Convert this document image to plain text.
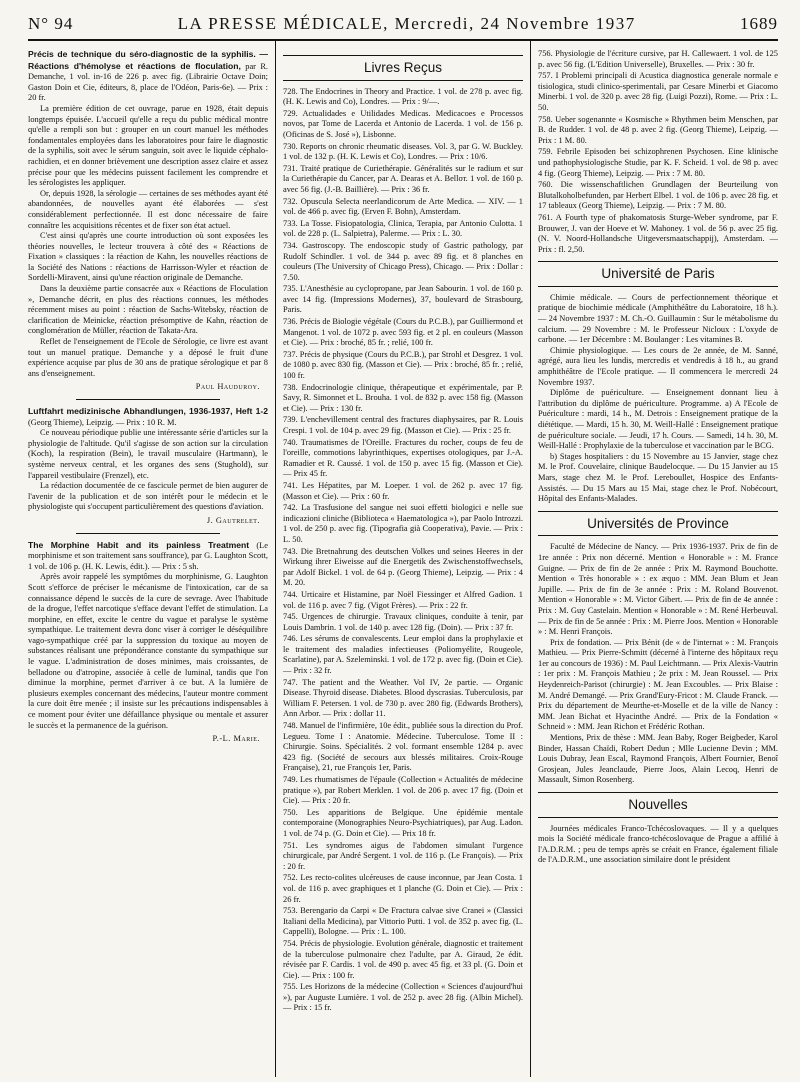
N° 94	LA PRESSE MÉDICALE, Mercredi, 24 Novembre 1937	1689
Précis de technique du séro-diagnostic de la syphilis. — Réactions d'hémolyse et réactions de floculation, par R. Demanche, 1 vol. in-16 de 226 p. avec fig. (Librairie Octave Doin; Gaston Doin et Cie, éditeurs, 8, place de l'Odéon, Paris-6e). — Prix : 20 fr.

La première édition de cet ouvrage, parue en 1928, était depuis longtemps épuisée. L'accueil qu'elle a reçu du public médical montre qu'elle a rempli son but : grouper en un court manuel les méthodes fondamentales employées dans les laboratoires pour faire le diagnostic de la syphilis, soit avec le sérum sanguin, soit avec le liquide céphalo-rachidien, et en donner brièvement une description assez claire et assez précise pour que les médecins puissent facilement les comprendre et les sérologistes les appliquer.

Or, depuis 1928, la sérologie — certaines de ses méthodes ayant été abandonnées, de nouvelles ayant été élaborées — s'est considérablement perfectionnée. Il est donc nécessaire de faire connaître les acquisitions récentes et de fixer son état actuel.

C'est ainsi qu'après une courte introduction où sont exposées les théories nouvelles, le lecteur trouvera à côté des « Réactions de Fixation » classiques : la réaction de Kahn, les nouvelles réactions de la Société des Nations : réactions de Harrisson-Wyler et réaction de Sordelli-Miravent, ainsi qu'une réaction originale de Demanche.

Dans la deuxième partie consacrée aux « Réactions de Floculation », Demanche décrit, en plus des réactions connues, les méthodes récemment mises au point : réaction de Sachs-Witebsky, réaction de clarification de Meinicke, réaction présomptive de Kahn, réaction de conglomération de Müller, réaction de Takata-Ara.

Reflet de l'enseignement de l'Ecole de Sérologie, ce livre est avant tout un manuel pratique. Demanche y a déposé le fruit d'une expérience acquise par plus de 30 ans de pratique sérologique et par 8 ans d'enseignement.

Paul Hauduroy.
Luftfahrt medizinische Abhandlungen, 1936-1937, Heft 1-2 (Georg Thieme), Leipzig. — Prix : 10 R. M.

Ce nouveau périodique publie une intéressante série d'articles sur la physiologie de l'altitude. Qu'il s'agisse de son action sur la circulation (Koch), la respiration (Bein), le travail musculaire (Hartmann), le système nerveux central, et les organes des sens (Stughold), sur l'appareil vestibulaire (Frenzel), etc.

La rédaction documentée de ce fascicule permet de bien augurer de l'avenir de la publication et de son intérêt pour le médecin et le physiologiste qui s'occupent particulièrement des questions d'aviation.

J. Gautrelet.
The Morphine Habit and its painless Treatment (Le morphinisme et son traitement sans souffrance), par G. Laughton Scott, 1 vol. de 106 p. (H. K. Lewis, édit.). — Prix : 5 sh.

Après avoir rappelé les symptômes du morphinisme, G. Laughton Scott s'efforce de préciser le mécanisme de l'intoxication, car de sa connaissance dépend le succès de la cure de sevrage. Avec l'habitude de la drogue, l'effet narcotique s'efface devant l'effet de stimulation. La morphine, en effet, excite le centre du vague et paralyse le système sympathique. Le traitement devra donc viser à corriger le déséquilibre vago-sympathique créé par la suppression du toxique au moyen de substances réalisant une prépondérance constante du sympathique sur le vague. L'administration de doses minimes, mais croissantes, de belladone ou d'atropine, associée à celle de luminal, tandis que l'on diminue la morphine, permet d'arriver à ce but. A la lumière de plusieurs exemples concernant des médecins, l'auteur montre comment la cure doit être menée ; il insiste sur les précautions indispensables à ce moment pour éviter une défaillance physique ou mentale et assurer le succès et la permanence de la guérison.

P.-L. Marie.
Livres Reçus

728. The Endocrines in Theory and Practice. 1 vol. de 278 p. avec fig. (H. K. Lewis and Co), Londres. — Prix : 9/—.

729. Actualidades e Utilidades Medicas. Medicacoes e Processos novos, par Tome de Lacerda et Antonio de Lacerda. 1 vol. de 156 p. (Oficinas de S. José »), Lisbonne.

730. Reports on chronic rheumatic diseases. Vol. 3, par G. W. Buckley. 1 vol. de 132 p. (H. K. Lewis et Co), Londres. — Prix : 10/6.

731. Traité pratique de Curiethérapie. Généralités sur le radium et sur la Curiethérapie du Cancer, par A. Dearas et A. Belloт. 1 vol. de 160 p. avec 56 fig. (J.-B. Baillière). — Prix : 36 fr.

732. Opuscula Selecta neerlandicorum de Arte Medica. — XIV. — 1 vol. de 466 p. avec fig. (Erven F. Bohn), Amsterdam.

733. La Tosse. Fisiopatologia, Clinica, Terapia, par Antonio Culotta. 1 vol. de 228 p. (L. Salpietra), Palerme. — Prix : L. 30.

734. Gastroscopy. The endoscopic study of Gastric pathology, par Rudolf Schindler. 1 vol. de 344 p. avec 89 fig. et 8 planches en couleurs (The University of Chicago Press), Chicago. — Prix : Dollar : 7.50.

735. L'Anesthésie au cyclopropane, par Jean Sabourin. 1 vol. de 160 p. avec 14 fig. (Impressions Modernes), 37, boulevard de Strasbourg, Paris.

736. Précis de Biologie végétale (Cours du P.C.B.), par Guilliermond et Mangenot. 1 vol. de 1072 p. avec 593 fig. et 2 pl. en couleurs (Masson et Cie). — Prix : broché, 85 fr. ; relié, 100 fr.

737. Précis de physique (Cours du P.C.B.), par Strohl et Desgrez. 1 vol. de 1080 p. avec 830 fig. (Masson et Cie). — Prix : broché, 85 fr. ; relié, 100 fr.

738. Endocrinologie clinique, thérapeutique et expérimentale, par P. Savy, R. Simonnet et L. Brouha. 1 vol. de 832 p. avec 158 fig. (Masson et Cie). — Prix : 130 fr.

739. L'enchevillement central des fractures diaphysaires, par R. Louis Crespi. 1 vol. de 104 p. avec 29 fig. (Masson et Cie). — Prix : 25 fr.

740. Traumatismes de l'Oreille. Fractures du rocher, coups de feu de l'oreille, commotions labyrinthiques, expertises otologiques, par J.-A. Ramadier et R. Caussé. 1 vol. de 150 p. avec 15 fig. (Masson et Cie). — Prix 45 fr.

741. Les Hépatites, par M. Loeper. 1 vol. de 262 p. avec 17 fig. (Masson et Cie). — Prix : 60 fr.

742. La Trasfusione del sangue nei suoi effetti biologici e nelle sue indicazioni cliniche (Biblioteca « Haematologica »), par Paolo Introzzi. 1 vol. de 250 p. avec fig. (Tipografia già Cooperativa), Pavie. — Prix : L. 50.

743. Die Bretnahrung des deutschen Volkes und seines Heeres in der Wirkung ihrer Eiweisse auf die Energetik des Zwischenstoffwechsels, par Adolf Bickel. 1 vol. de 64 p. (Georg Thieme), Leipzig. — Prix : 4 M. 20.

744. Urticaire et Histamine, par Noël Fiessinger et Alfred Gadion. 1 vol. de 116 p. avec 7 fig. (Vigot Frères). — Prix : 22 fr.

745. Urgences de chirurgie. Travaux cliniques, conduite à tenir, par Louis Dambrin. 1 vol. de 140 p. avec 128 fig. (Doin). — Prix : 37 fr.

746. Les sérums de convalescents. Leur emploi dans la prophylaxie et le traitement des maladies infectieuses (Poliomyélite, Rougeole, Scarlatine), par A. Szeleminski. 1 vol. de 172 p. avec fig. (Doin et Cie). — Prix : 32 fr.

747. The patient and the Weather. Vol IV, 2e partie. — Organic Disease. Thyroid disease. Diabetes. Blood dyscrasias. Tuberculosis, par William F. Petersen. 1 vol. de 730 p. avec 280 fig. (Edwards Brothers), Ann Arbor. — Prix : dollar 11.

748. Manuel de l'infirmière, 10e édit., publiée sous la direction du Prof. Leguеu. Tome I : Anatomie. Médecine. Tuberculose. Tome II : Chirurgie. Soins. Spécialités. 2 vol. formant ensemble 1284 p. avec 423 fig. (Société de secours aux blessés militaires. Croix-Rouge Française), 21, rue François 1er, Paris.

749. Les rhumatismes de l'épaule (Collection « Actualités de médecine pratique »), par Robert Merklen. 1 vol. de 206 p. avec 17 fig. (Doin et Cie). — Prix : 20 fr.

750. Les apparitions de Belgique. Une épidémie mentale contemporaine (Monographies Neuro-Psychiatriques), par Aug. Ladon. 1 vol. de 74 p. (G. Doin et Cie). — Prix 18 fr.

751. Les syndromes aigus de l'abdomen simulant l'urgence chirurgicale, par André Sergent. 1 vol. de 116 p. (Le François). — Prix : 20 fr.

752. Les recto-colites ulcéreuses de cause inconnue, par Jean Costa. 1 vol. de 116 p. avec graphiques et 1 planche (G. Doin et Cie). — Prix : 26 fr.

753. Berengario da Carpi « De Fractura calvae sive Cranei » (Classici Italiani della Medicina), par Vittorio Putti. 1 vol. de 352 p. avec fig. (L. Cappelli), Bologne. — Prix : L. 100.

754. Précis de physiologie. Evolution générale, diagnostic et traitement de la tuberculose pulmonaire chez l'adulte, par A. Giraud, 2e édit. révisée par F. Cardis. 1 vol. de 490 p. avec 45 fig. et 33 pl. (G. Doin et Cie). — Prix : 100 fr.

755. Les Horizons de la médecine (Collection « Sciences d'aujourd'hui »), par Auguste Lumière. 1 vol. de 252 p. avec 28 fig. (Albin Michel). — Prix : 15 fr.

756. Physiologie de l'écriture cursive, par H. Callewaert. 1 vol. de 125 p. avec 56 fig. (L'Edition Universelle), Bruxelles. — Prix : 30 fr.

757. I Problemi principali di Acustica diagnostica generale normale e tisiologica, studi clinico-sperimentali, par Cesare Minerbi et Giacomo Minerbi. 1 vol. de 320 p. avec 28 fig. (Luigi Pozzi), Rome. — Prix : L. 50.

758. Ueber sogenannte « Kosmische » Rhythmen beim Menschen, par B. de Rudder. 1 vol. de 48 p. avec 2 fig. (Georg Thieme), Leipzig. — Prix : 1 M. 80.

759. Febrile Episoden bei schizophrenen Psychosen. Eine klinische und pathophysiologische Studie, par K. F. Scheid. 1 vol. de 98 p. avec 4 fig. (Georg Thieme), Leipzig. — Prix : 7 M. 80.

760. Die wissenschaftlichen Grundlagen der Beurteilung von Blutalkoholbefunden, par Herbert Elbel. 1 vol. de 106 p. avec 28 fig. et 17 tableaux (Georg Thieme), Leipzig. — Prix : 7 M. 80.

761. A Fourth type of phakomatosis Sturge-Weber syndrome, par F. Brouwer, J. van der Hoeve et W. Mahoney. 1 vol. de 56 p. avec 25 fig. (N. V. Noord-Hollandsche Uitgeversmaatschappij), Amsterdam. — Prix : fl. 2,50.

Université de Paris

Chimie médicale. — Cours de perfectionnement théorique et pratique de biochimie médicale (Amphithéâtre du Laboratoire, 18 h.). — 24 Novembre 1937 : M. Ch.-O. Guillaumin : Sur le métabolisme du calcium. — 29 Novembre : M. le Professeur Nicloux : L'oxyde de carbone. — 1er Décembre : M. Boulanger : Les vitamines B.

Chimie physiologique. — Les cours de 2e année, de M. Sanné, agrégé, aura lieu les lundis, mercredis et vendredis à 18 h., au grand amphithéâtre de l'Ecole pratique. — Il commencera le mercredi 24 Novembre 1937.

Diplôme de puériculture. — Enseignement donnant lieu à l'attribution du diplôme de puériculture. Programme. a) A l'Ecole de Puériculture : mardi, 14 h., M. Detrois : Enseignement pratique de la diététique. — Mardi, 15 h. 30, M. Weill-Hallé : Enseignement pratique de puériculture sociale. — Jeudi, 17 h. Cours. — Samedi, 14 h. 30, M. Weill-Hallé : Prophylaxie de la tuberculose et vaccination par le BCG.

b) Stages hospitaliers : du 15 Novembre au 15 Janvier, stage chez M. le Prof. Couvelaire, clinique Baudelocque. — Du 15 Janvier au 15 Mars, stage chez M. le Prof. Lereboullet, Hospice des Enfants-Assistés. — Du 15 Mars au 15 Mai, stage chez le Prof. Nobécourt, Hôpital des Enfants-Malades.

Universités de Province

Faculté de Médecine de Nancy. — Prix 1936-1937. Prix de fin de 1re année : Prix non décerné. Mention « Honorable » : M. France Guigne. — Prix de fin de 2e année : Prix M. Raymond Bouchotte. Mention « Très honorable » : ex æquo : MM. Jean Blum et Jean Jupille. — Prix de fin de 3e année : Prix : M. Roland Bouvenot. Mention « Honorable » : M. Victor Gibert. — Prix de fin de 4e année : Prix : M. Guy Castelain. Mention « Honorable » : M. René Herbeuval. — Prix de fin de 5e année : Prix : M. Pierre Joos. Mention « Honorable » : M. Henri François.

Prix de fondation. — Prix Bénit (de « de l'internat » : M. François Mathieu. — Prix Pierre-Schmitt (décerné à l'interne des hôpitaux reçu 1er au concours de 1936) : M. Paul Leichtmann. — Prix Alexis-Vautrin : 1er prix : M. François Mathieu ; 2e prix : M. Jean Roussel. — Prix Heydenreich-Parisot (chirurgie) : M. Jean Excoubles. — Prix Blaise : M. André Demangé. — Prix Grand'Eury-Fricot : M. Claude Franck. — Prix du département de Meurthe-et-Moselle et de la ville de Nancy : MM. Jean Bichat et Hyacinthe André. — Prix de la Fondation « Schneid » : MM. Jean Richon et Frédéric Rothan.

Mentions, Prix de thèse : MM. Jean Baby, Roger Beigbeder, Karol Binder, Hassan Chaïdi, Robert Dedun ; Mlle Lucienne Devin ; MM. Louis Dubray, Jean Escal, Raymond François, Albert Fournier, Benoî Grosjean, Jules Jeanclaude, Pierre Joos, Alain Lecoq, Henri de Massault, Simon Rosenberg.

Nouvelles

Journées médicales Franco-Tchécoslovaques. — Il y a quelques mois la Société médicale franco-tchécoslovaque de Prague a affilié à l'A.D.R.M. ; peu de temps après se créait en France, également filiale de l'A.D.R.M., une association similaire dont le président
